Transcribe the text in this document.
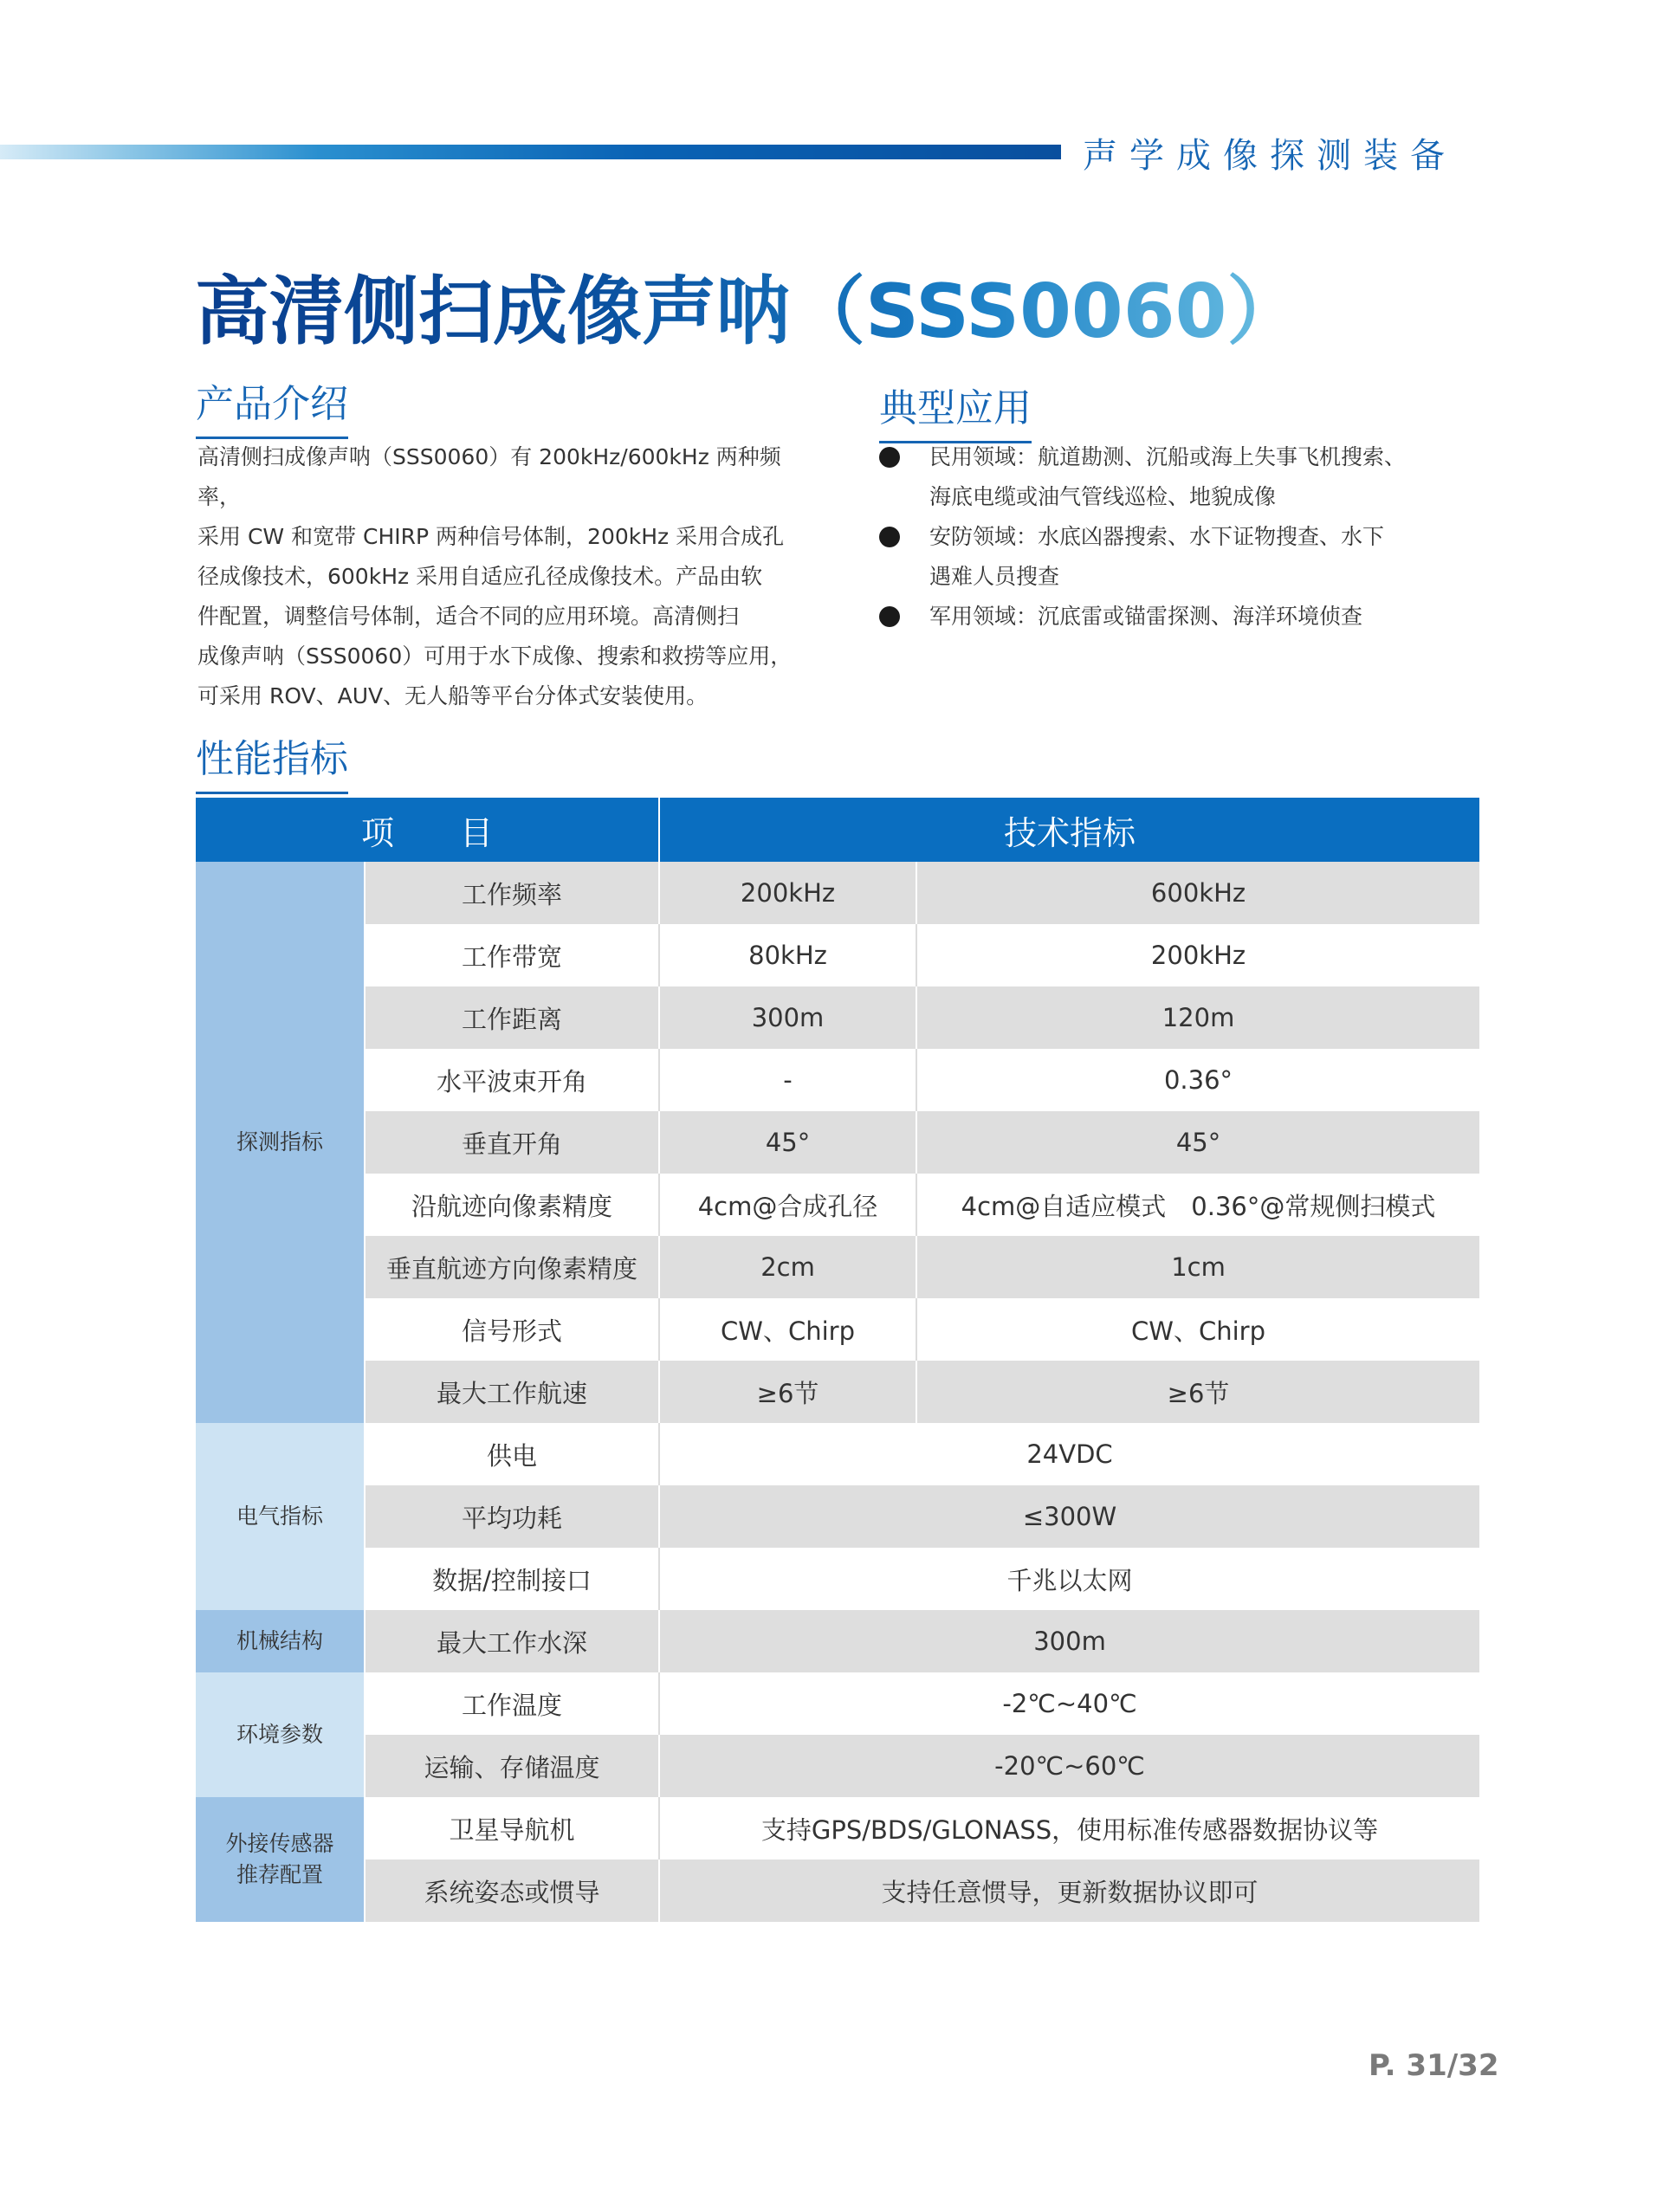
声学成像探测装备
高清侧扫成像声呐（SSS0060）
产品介绍
高清侧扫成像声呐（SSS0060）有 200kHz/600kHz 两种频率，
采用 CW 和宽带 CHIRP 两种信号体制，200kHz 采用合成孔
径成像技术，600kHz 采用自适应孔径成像技术。产品由软
件配置，调整信号体制，适合不同的应用环境。高清侧扫
成像声呐（SSS0060）可用于水下成像、搜索和救捞等应用，
可采用 ROV、AUV、无人船等平台分体式安装使用。
典型应用
民用领域：航道勘测、沉船或海上失事飞机搜索、
海底电缆或油气管线巡检、地貌成像
安防领域：水底凶器搜索、水下证物搜查、水下
遇难人员搜查
军用领域：沉底雷或锚雷探测、海洋环境侦查
性能指标
项　　目		技术指标	
探测指标	工作频率	200kHz	600kHz
	工作带宽	80kHz	200kHz
	工作距离	300m	120m
	水平波束开角	-	0.36°
	垂直开角	45°	45°
	沿航迹向像素精度	4cm@合成孔径	4cm@自适应模式　0.36°@常规侧扫模式
	垂直航迹方向像素精度	2cm	1cm
	信号形式	CW、Chirp	CW、Chirp
	最大工作航速	≥6节	≥6节
电气指标	供电	24VDC	
	平均功耗	≤300W	
	数据/控制接口	千兆以太网	
机械结构	最大工作水深	300m	
环境参数	工作温度	-2℃~40℃	
	运输、存储温度	-20℃~60℃	

外接传感器
推荐配置	卫星导航机	支持GPS/BDS/GLONASS，使用标准传感器数据协议等	
	系统姿态或惯导	支持任意惯导，更新数据协议即可	
P. 31/32
